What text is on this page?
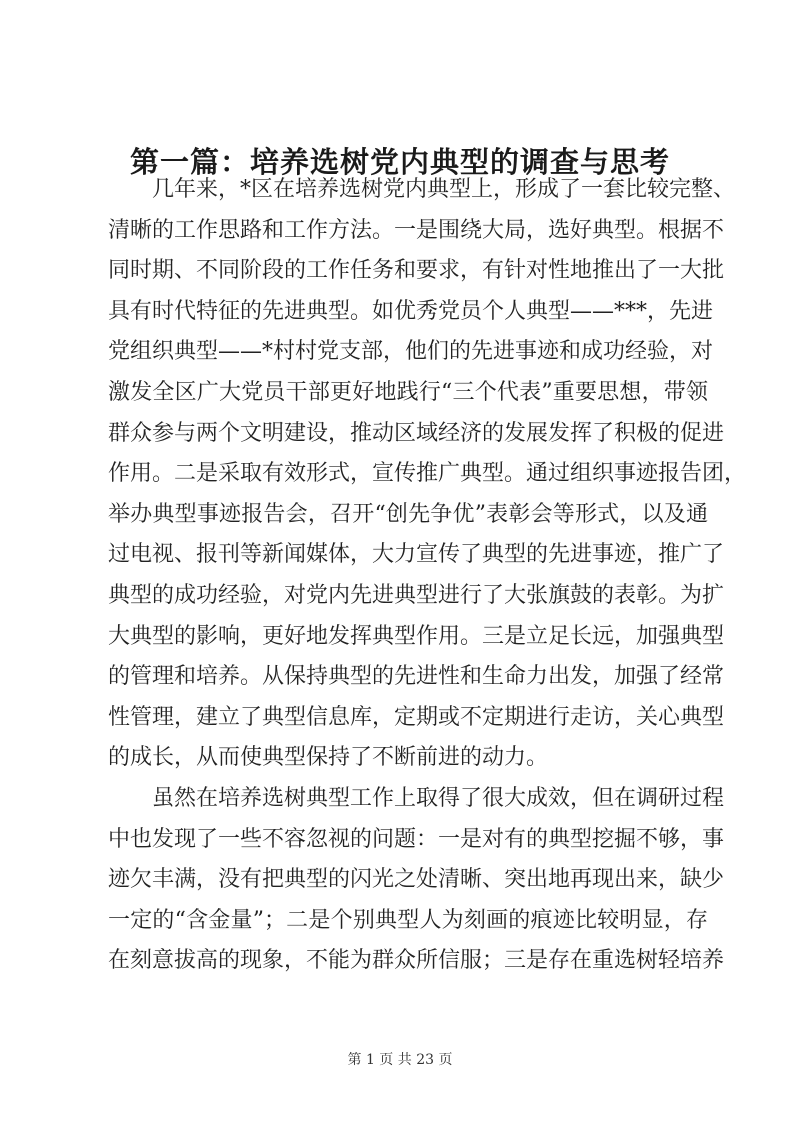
第一篇：培养选树党内典型的调查与思考
几年来，*区在培养选树党内典型上，形成了一套比较完整、
清晰的工作思路和工作方法。一是围绕大局，选好典型。根据不
同时期、不同阶段的工作任务和要求，有针对性地推出了一大批
具有时代特征的先进典型。如优秀党员个人典型——***，先进
党组织典型——*村村党支部，他们的先进事迹和成功经验，对
激发全区广大党员干部更好地践行“三个代表”重要思想，带领
群众参与两个文明建设，推动区域经济的发展发挥了积极的促进
作用。二是采取有效形式，宣传推广典型。通过组织事迹报告团，
举办典型事迹报告会，召开“创先争优”表彰会等形式，以及通
过电视、报刊等新闻媒体，大力宣传了典型的先进事迹，推广了
典型的成功经验，对党内先进典型进行了大张旗鼓的表彰。为扩
大典型的影响，更好地发挥典型作用。三是立足长远，加强典型
的管理和培养。从保持典型的先进性和生命力出发，加强了经常
性管理，建立了典型信息库，定期或不定期进行走访，关心典型
的成长，从而使典型保持了不断前进的动力。
虽然在培养选树典型工作上取得了很大成效，但在调研过程
中也发现了一些不容忽视的问题：一是对有的典型挖掘不够，事
迹欠丰满，没有把典型的闪光之处清晰、突出地再现出来，缺少
一定的“含金量”；二是个别典型人为刻画的痕迹比较明显，存
在刻意拔高的现象，不能为群众所信服；三是存在重选树轻培养
第 1 页 共 23 页
